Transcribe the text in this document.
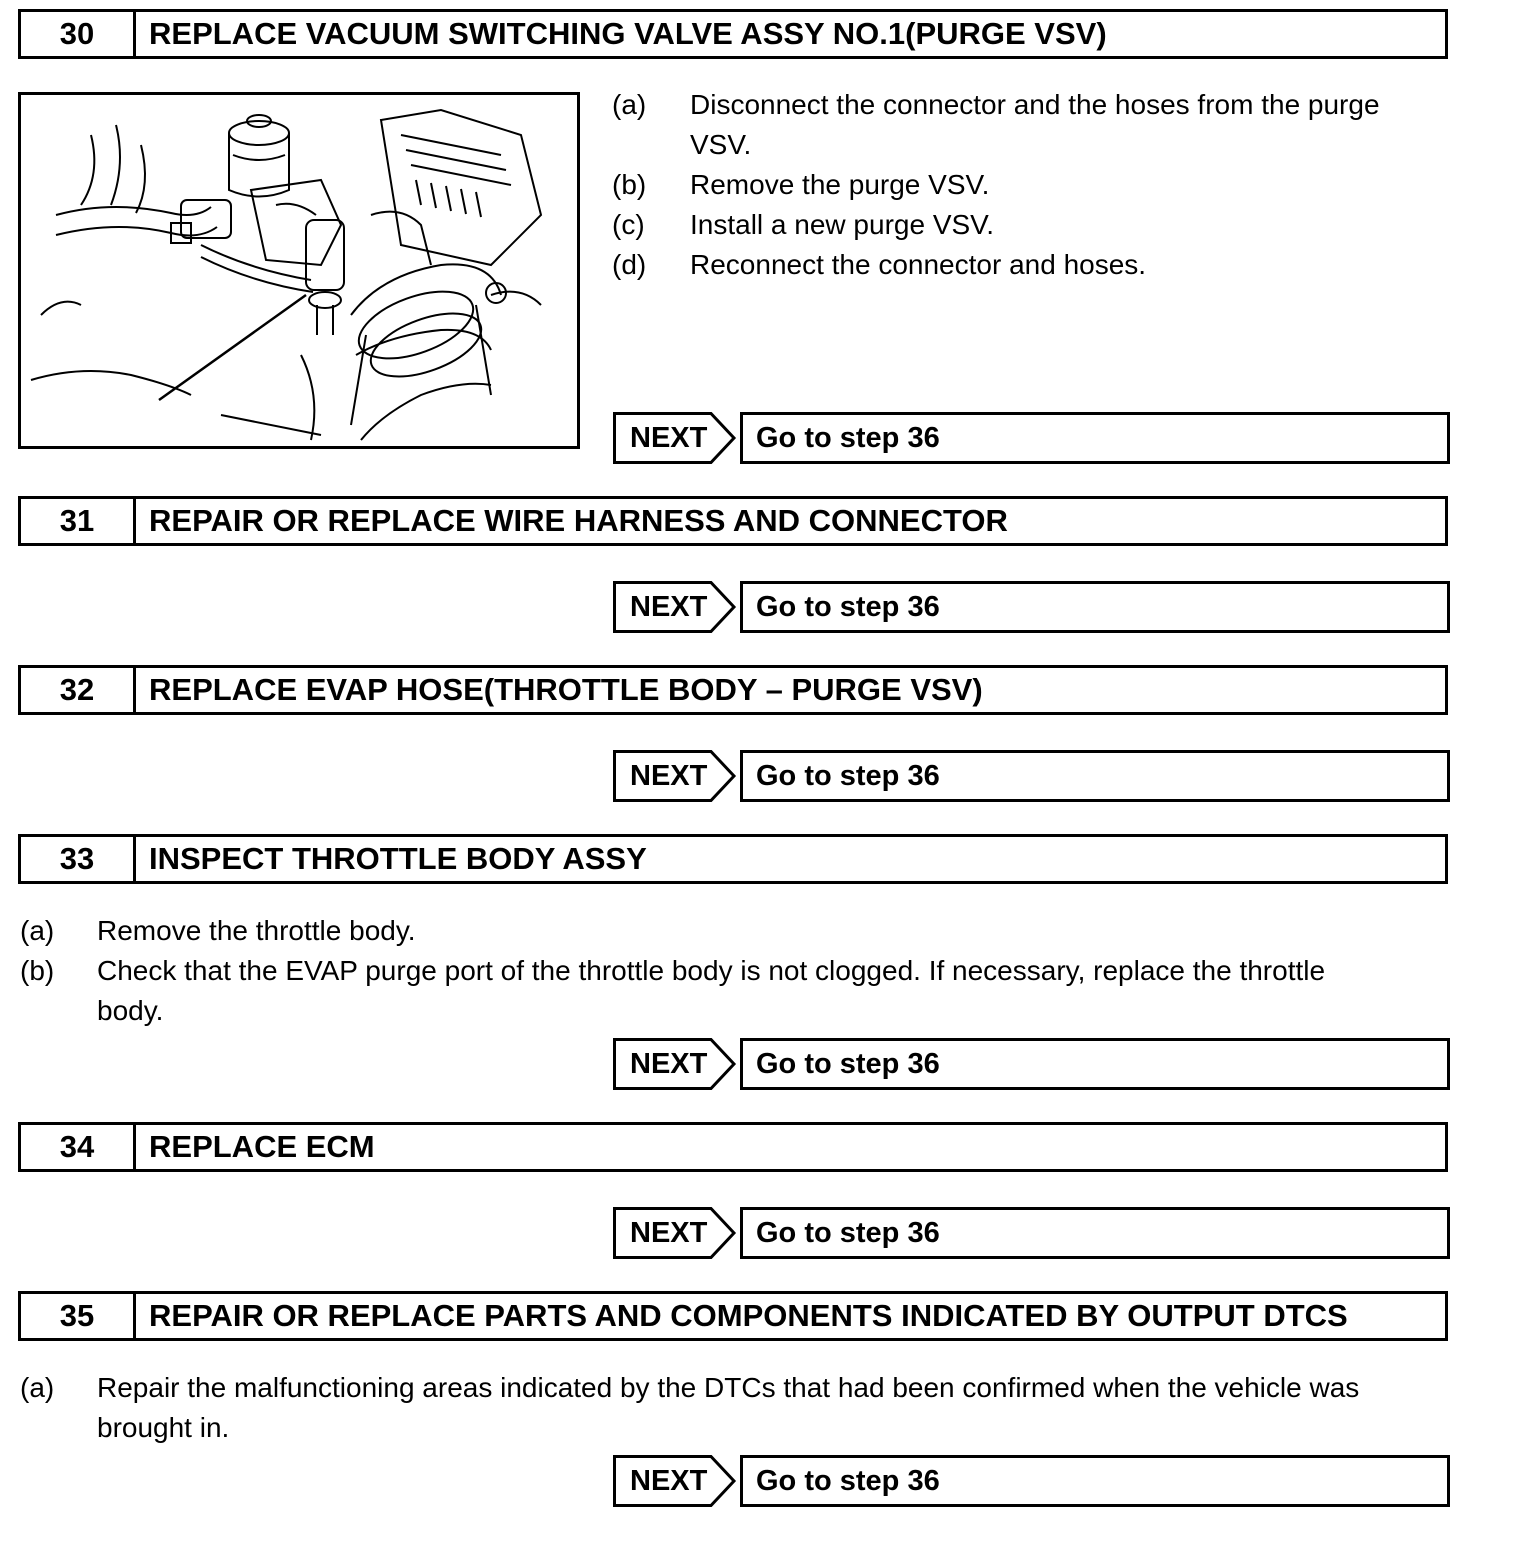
30	REPLACE VACUUM SWITCHING VALVE ASSY NO.1(PURGE VSV)
(a) Disconnect the connector and the hoses from the purge
VSV.
(b) Remove the purge VSV.
(c) Install a new purge VSV.
(d) Reconnect the connector and hoses.
NEXT	Go to step 36
31	REPAIR OR REPLACE WIRE HARNESS AND CONNECTOR
NEXT	Go to step 36
32	REPLACE EVAP HOSE(THROTTLE BODY – PURGE VSV)
NEXT	Go to step 36
33	INSPECT THROTTLE BODY ASSY
(a) Remove the throttle body.
(b) Check that the EVAP purge port of the throttle body is not clogged. If necessary, replace the throttle
body.
NEXT	Go to step 36
34	REPLACE ECM
NEXT	Go to step 36
35	REPAIR OR REPLACE PARTS AND COMPONENTS INDICATED BY OUTPUT DTCS
(a) Repair the malfunctioning areas indicated by the DTCs that had been confirmed when the vehicle was
brought in.
NEXT	Go to step 36
